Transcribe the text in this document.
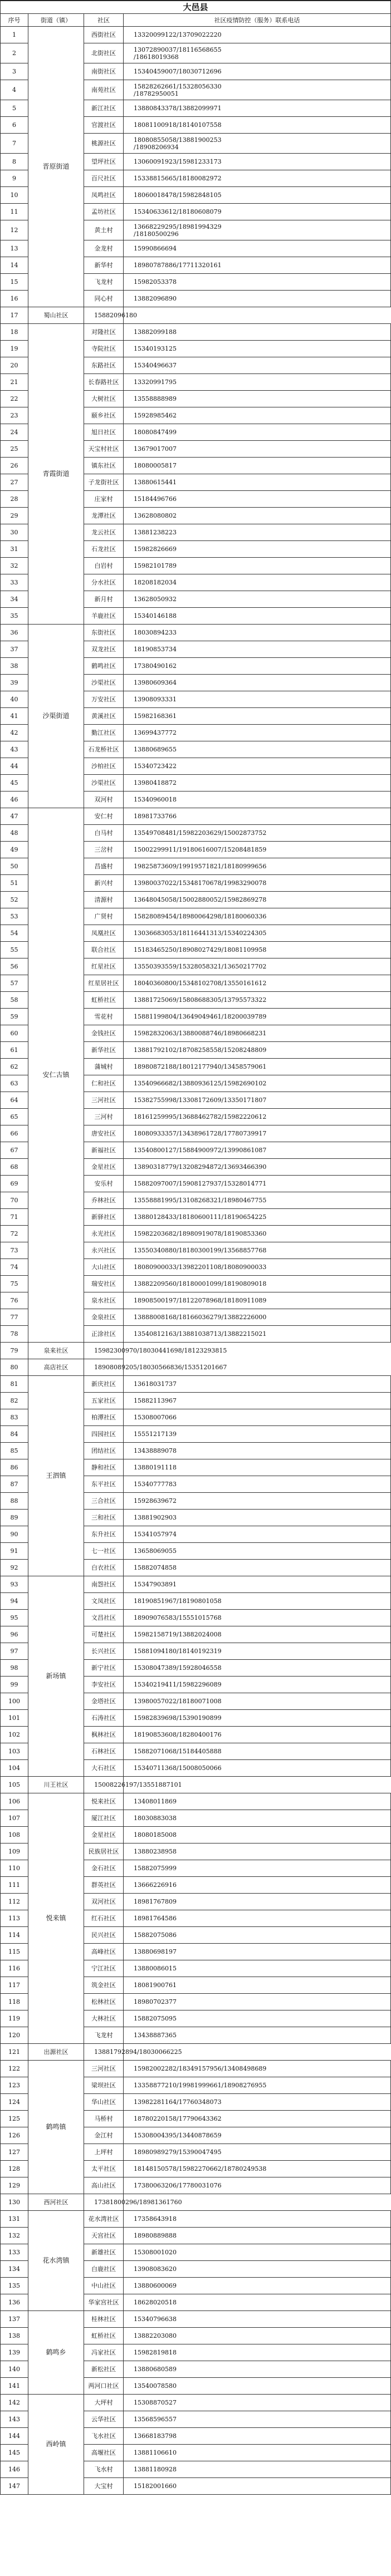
大邑县			
序号	街道（镇）	社区	社区疫情防控（服务）联系电话
1	晋原街道	西街社区	13320099122/13709022220
2		北街社区	13072890037/18116568655
/18618019368
3		南街社区	15340459007/18030712696
4		南苑社区	15828262661/15328056330
/18782950051
5		新江社区	13880843378/13882099971
6		官渡社区	18081100918/18140107558
7		桃源社区	18080855058/13881900253
/18908206934
8		望坪社区	13060091923/15981233173
9		百尺社区	15338815665/18180082972
10		凤鸣社区	18060018478/15982848105
11		孟坊社区	15340633612/18180608079
12		黄土村	13668229295/18981994329
/18180500296
13		金龙村	15990866694
14		新华村	18980787886/17711320161
15		飞龙村	15982053378
16		同心村	13882096890
17	蜀山社区	15882096180	
18	青霞街道	对隆社区	13882099188
19		寺院社区	15340193125
20		东路社区	15340496637
21		长春路社区	13320991795
22		大树社区	13558888989
23		颐乡社区	15928985462
24		旭日社区	18080847499
25		天宝村社区	13679017007
26		镇东社区	18080005817
27		子龙街社区	13880615441
28		庄家村	15184496766
29		龙潭社区	13628080802
30		龙云社区	13881238223
31		石龙社区	15982826669
32		白岩村	15982101789
33		分水社区	18208182034
34		新月村	13628050932
35		羊鹿社区	15340146188
36	沙渠街道	东街社区	18030894233
37		双龙社区	18190853734
38		鹤鸣社区	17380490162
39		沙渠社区	13980609364
40		万安社区	13908093331
41		黄溪社区	15982168361
42		勤江社区	13699437772
43		石龙桥社区	13880689655
44		沙柏社区	15340723422
45		沙渠社区	13980418872
46		双河村	15340960018
47	安仁古镇	安仁村	18981733766
48		白马村	13549708481/15982203629/15002873752
49		三岔村	15002299911/19180616007/15208481859
50		昌盛村	19825873609/19919571821/18180999656
51		新兴村	13980037022/15348170678/19983290078
52		清源村	13648045058/15002880052/15982869278
53		广贤村	15828089454/18980064298/18180060336
54		凤凰社区	13036683053/18116441313/15340224305
55		联合社区	15183465250/18908027429/18081109958
56		红星社区	13550393559/15328058321/13650217702
57		红星居社区	18040360800/15348102708/13550161612
58		虹桥社区	13881725069/15808688305/13795573322
59		雪花村	15881199804/13649049461/18200039789
60		金钱社区	15982832063/13880088746/18980668231
61		新华社区	13881792102/18708258558/15208248809
62		蒲城村	18980872188/18012177940/13458579061
63		仁和社区	13540966682/13880936125/15982690102
64		三河社区	15382755998/13308172609/13350171807
65		三河村	18161259995/13688462782/15982220612
66		唐安社区	18080933357/13438961728/17780739917
67		新福社区	13540800127/15884900972/13990861087
68		金星社区	13890318779/13208294872/13693466390
69		安乐村	15882097007/15908127937/15328014771
70		乔林社区	13558881995/13108268321/18980467755
71		新驿社区	13880128433/18180600111/18190654225
72		永光社区	15982203682/18980919078/18190853360
73		永兴社区	13550340880/18180300199/13568857768
74		大山社区	18080900033/13982201108/18080900033
75		瑞安社区	13882209560/18180001099/18190809018
76		泉水社区	18908500197/18122078968/18180911089
77		金泉社区	13888008168/18166036279/13882226000
78		正涂社区	13540812163/13881038713/13882215021
79	泉来社区	15982300970/18030441698/18123293815	
80	高店社区	18908089205/18030566836/15351201667	
81	王泗镇	新庆社区	13618031737
82		五家社区	15882113967
83		柏潭社区	15308007066
84		四园社区	15551217139
85		团结社区	13438889078
86		静和社区	13880191118
87		东平社区	15340777783
88		三合社区	15928639672
89		三和社区	13881902903
90		东升社区	15341057974
91		七一社区	13658069055
92		白衣社区	15882074858
93	新场镇	南怨社区	15347903891
94		文凤社区	18190851967/18190801058
95		文昌社区	18909076583/15551015768
96		可楚社区	15982158719/13882024008
97		长兴社区	15881094180/18140192319
98		新宁社区	15308047389/15928046558
99		李安社区	15340219411/15982296089
100		金塔社区	13980057022/18180071008
101		石涛社区	15982839698/15390190899
102		枫林社区	18190853608/18280400176
103		石林社区	15882071068/15184405888
104		大石社区	15340711368/15008050066
105	川王社区	15008226197/13551887101	
106	悦来镇	悦来社区	13408011869
107		厦江社区	18030883038
108		金星社区	18080185008
109		民族居社区	13880238958
110		金石社区	15882075999
111		群英社区	13666226916
112		双河社区	18981767809
113		红石社区	18981764586
114		民兴社区	15882075086
115		高峰社区	13880698197
116		宁江社区	13880086015
117		筑金社区	18081900761
118		松林社区	18980702377
119		大林社区	15882075095
120		飞龙村	13438887365
121	出源社区	13881792894/18030066225	
122	鹤鸣镇	三河社区	15982002282/18349157956/13408498689
123		梁坝社区	13358877210/19981999661/18908276955
124		华山社区	13982281164/17760348073
125		马桥村	18780220158/17790643362
126		金江村	15308004395/13440878659
127		上坪村	18980989279/15390047495
128		太平社区	18148150578/15982270662/18780249538
129		高山社区	17380063206/17780031076
130	西河社区	17381800296/18981361760	
131	花水湾镇	花水湾社区	17358643918
132		天宫社区	18980889888
133		新雄社区	15308001020
134		白鹿社区	13908083620
135		中山社区	13880600069
136		华家宫社区	18628020518
137	鹤鸣乡	桂林社区	15340796638
138		虹桥社区	13882203080
139		冯家社区	15982819818
140		新松社区	13880680589
141		两河口社区	13540078580
142	西岭镇	大坪村	15308870527
143		云华社区	13568596557
144		飞水社区	13668183798
145		高堰社区	13881106610
146		飞水村	13881180928
147		大宝村	15182001660
